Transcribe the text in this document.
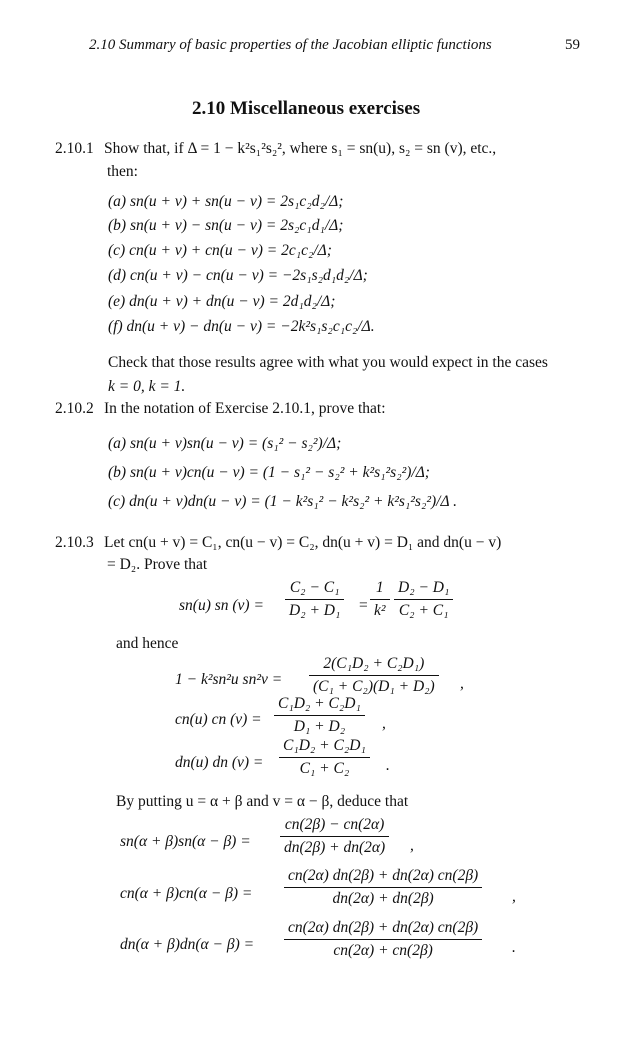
2.10 Summary of basic properties of the Jacobian elliptic functions	59
2.10 Miscellaneous exercises
2.10.1 Show that, if Δ = 1 − k²s₁²s₂², where s₁ = sn(u), s₂ = sn (v), etc.,
then:
(a) sn(u + v) + sn(u − v) = 2s₁c₂d₂/Δ;
(b) sn(u + v) − sn(u − v) = 2s₂c₁d₁/Δ;
(c) cn(u + v) + cn(u − v) = 2c₁c₂/Δ;
(d) cn(u + v) − cn(u − v) = −2s₁s₂d₁d₂/Δ;
(e) dn(u + v) + dn(u − v) = 2d₁d₂/Δ;
(f) dn(u + v) − dn(u − v) = −2k²s₁s₂c₁c₂/Δ.
Check that those results agree with what you would expect in the cases
k = 0, k = 1.
2.10.2 In the notation of Exercise 2.10.1, prove that:
(a) sn(u + v)sn(u − v) = (s₁² − s₂²)/Δ;
(b) sn(u + v)cn(u − v) = (1 − s₁² − s₂² + k²s₁²s₂²)/Δ;
(c) dn(u + v)dn(u − v) = (1 − k²s₁² − k²s₂² + k²s₁²s₂²)/Δ .
2.10.3 Let cn(u + v) = C₁, cn(u − v) = C₂, dn(u + v) = D₁ and dn(u − v)
= D₂. Prove that
sn(u) sn (v) =
C₂ − C₁
D₂ + D₁ =
1
k²
D₂ − D₁
C₂ + C₁
and hence
1 − k²sn²u sn²v =
2(C₁D₂ + C₂D₁)
(C₁ + C₂)(D₁ + D₂) ,
cn(u) cn (v) =
C₁D₂ + C₂D₁
D₁ + D₂ ,
dn(u) dn (v) =
C₁D₂ + C₂D₁
C₁ + C₂ .
By putting u = α + β and v = α − β, deduce that
sn(α + β)sn(α − β) =
cn(2β) − cn(2α)
dn(2β) + dn(2α) ,
cn(α + β)cn(α − β) =
cn(2α) dn(2β) + dn(2α) cn(2β)
dn(2α) + dn(2β)	,
dn(α + β)dn(α − β) =
cn(2α) dn(2β) + dn(2α) cn(2β)
cn(2α) + cn(2β)	.
